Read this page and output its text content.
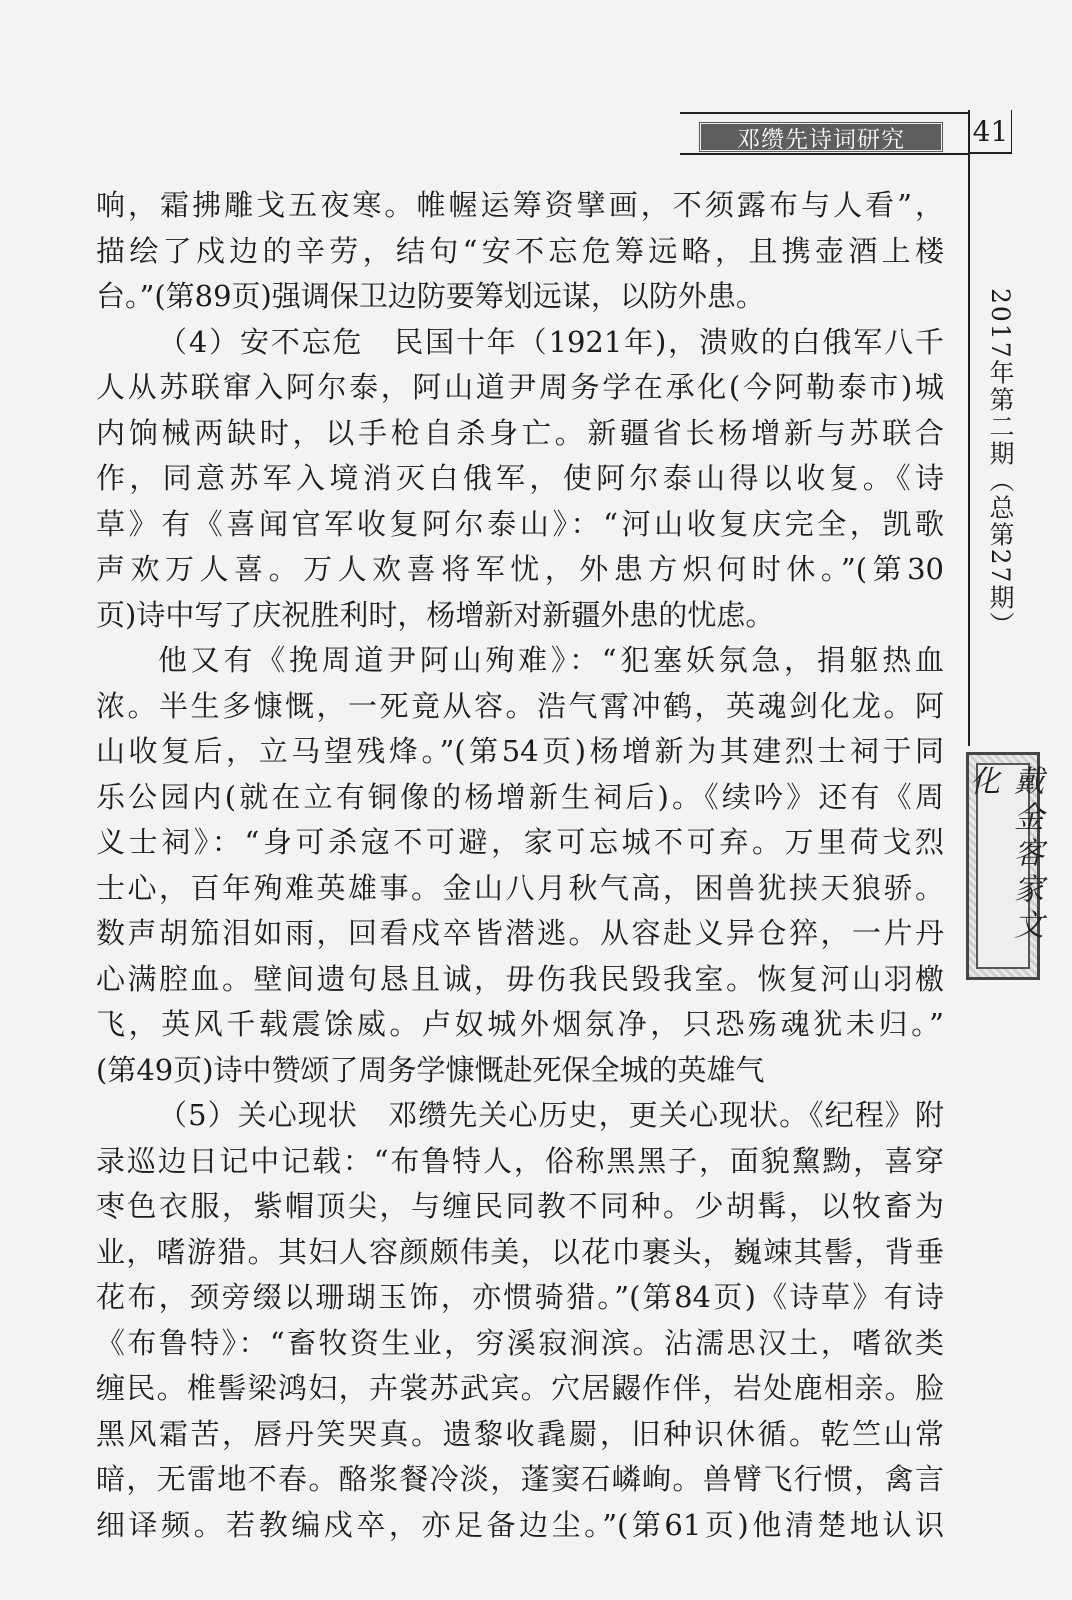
邓缵先诗词研究 41
2017年第二期（总第27期）
戴金客家文化
响，霜拂雕戈五夜寒。帷幄运筹资擘画，不须露布与人看”，
描绘了戍边的辛劳，结句“安不忘危筹远略，且携壶酒上楼
台。”(第89页)强调保卫边防要筹划远谋，以防外患。
（4）安不忘危　民国十年（1921年)，溃败的白俄军八千
人从苏联窜入阿尔泰，阿山道尹周务学在承化(今阿勒泰市)城
内饷械两缺时，以手枪自杀身亡。新疆省长杨增新与苏联合
作，同意苏军入境消灭白俄军，使阿尔泰山得以收复。《诗
草》有《喜闻官军收复阿尔泰山》：“河山收复庆完全，凯歌
声欢万人喜。万人欢喜将军忧，外患方炽何时休。”(第30
页)诗中写了庆祝胜利时，杨增新对新疆外患的忧虑。
他又有《挽周道尹阿山殉难》：“犯塞妖氛急，捐躯热血
浓。半生多慷慨，一死竟从容。浩气霄冲鹤，英魂剑化龙。阿
山收复后，立马望残烽。”(第54页)杨增新为其建烈士祠于同
乐公园内(就在立有铜像的杨增新生祠后)。《续吟》还有《周
义士祠》：“身可杀寇不可避，家可忘城不可弃。万里荷戈烈
士心，百年殉难英雄事。金山八月秋气高，困兽犹挟天狼骄。
数声胡笳泪如雨，回看戍卒皆潜逃。从容赴义异仓猝，一片丹
心满腔血。壁间遗句恳且诚，毋伤我民毁我室。恢复河山羽檄
飞，英风千载震馀威。卢奴城外烟氛净，只恐殇魂犹未归。”
(第49页)诗中赞颂了周务学慷慨赴死保全城的英雄气
（5）关心现状　邓缵先关心历史，更关心现状。《纪程》附
录巡边日记中记载：“布鲁特人，俗称黑黑子，面貌黧黝，喜穿
枣色衣服，紫帽顶尖，与缠民同教不同种。少胡髯，以牧畜为
业，嗜游猎。其妇人容颜颇伟美，以花巾裹头，巍竦其髻，背垂
花布，颈旁缀以珊瑚玉饰，亦惯骑猎。”(第84页)《诗草》有诗
《布鲁特》：“畜牧资生业，穷溪寂涧滨。沾濡思汉土，嗜欲类
缠民。椎髻梁鸿妇，卉裳苏武宾。穴居鼹作伴，岩处鹿相亲。脸
黑风霜苦，唇丹笑哭真。遗黎收毳罽，旧种识休循。乾竺山常
暗，无雷地不春。酪浆餐冷淡，蓬窦石嶙峋。兽臂飞行惯，禽言
细译频。若教编戍卒，亦足备边尘。”(第61页)他清楚地认识
